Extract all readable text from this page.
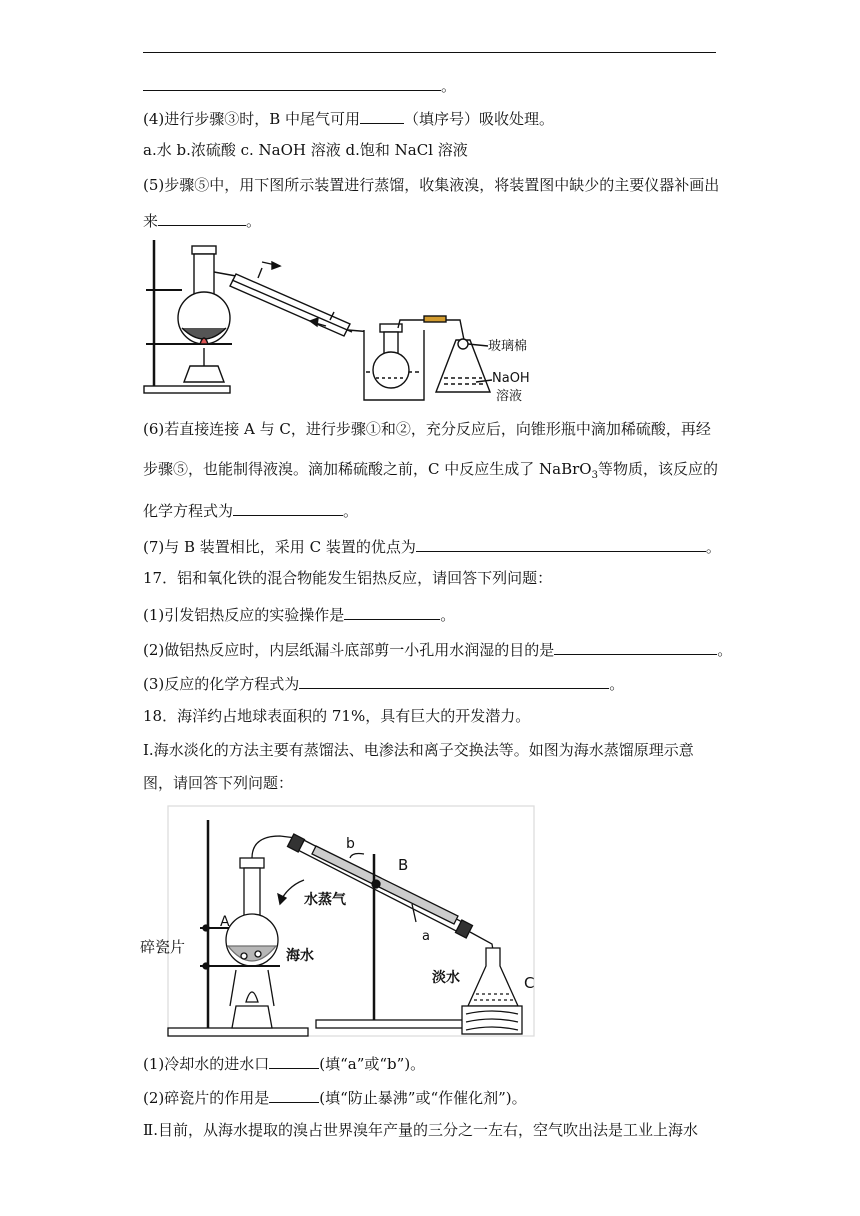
。
(4)进行步骤③时，B 中尾气可用	（填序号）吸收处理。
a.水 b.浓硫酸 c. NaOH 溶液 d.饱和 NaCl 溶液
(5)步骤⑤中，用下图所示装置进行蒸馏，收集液溴，将装置图中缺少的主要仪器补画出
来	。
玻璃棉
NaOH
溶液
(6)若直接连接 A 与 C，进行步骤①和②，充分反应后，向锥形瓶中滴加稀硫酸，再经
步骤⑤，也能制得液溴。滴加稀硫酸之前，C 中反应生成了 NaBrO$_3$等物质，该反应的
化学方程式为	。
(7)与 B 装置相比，采用 C 装置的优点为	。
17．铝和氧化铁的混合物能发生铝热反应，请回答下列问题：
(1)引发铝热反应的实验操作是	。
(2)做铝热反应时，内层纸漏斗底部剪一小孔用水润湿的目的是	。
(3)反应的化学方程式为	。
18．海洋约占地球表面积的 71%，具有巨大的开发潜力。
Ⅰ.海水淡化的方法主要有蒸馏法、电渗法和离子交换法等。如图为海水蒸馏原理示意
图，请回答下列问题：
A
b
B
a
C
水蒸气
海水
碎瓷片
淡水
(1)冷却水的进水口	(填“a”或“b”)。
(2)碎瓷片的作用是	(填“防止暴沸”或“作催化剂”)。
Ⅱ.目前，从海水提取的溴占世界溴年产量的三分之一左右，空气吹出法是工业上海水
